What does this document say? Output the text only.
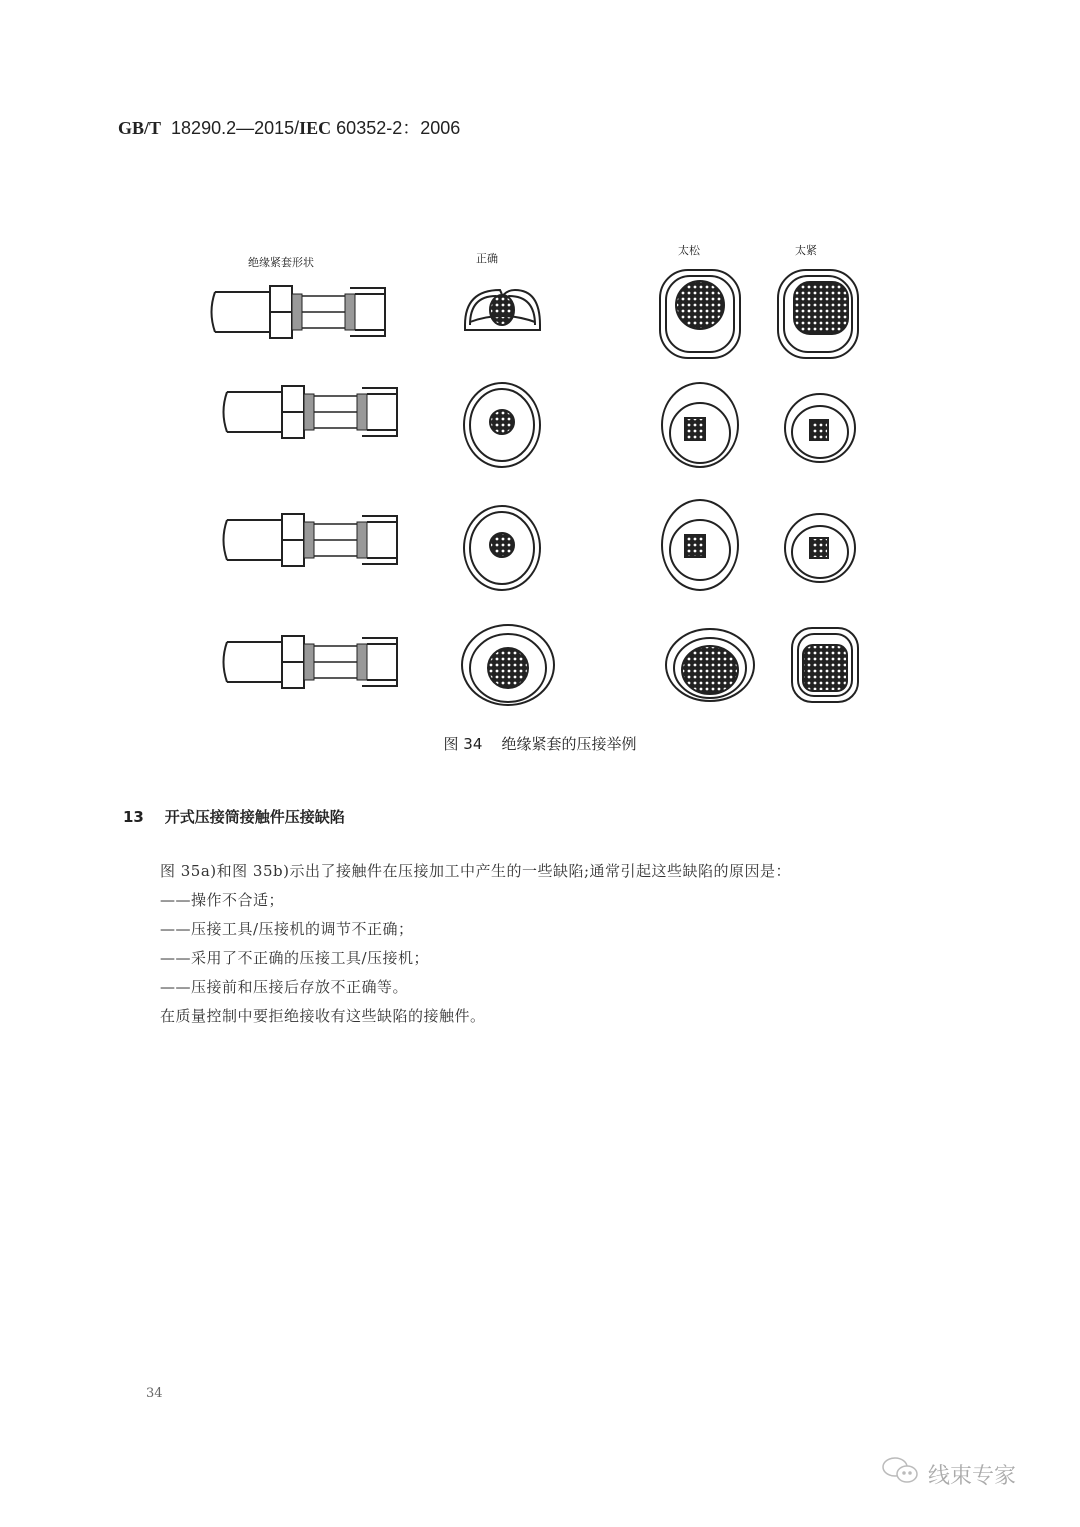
GB/T 18290.2—2015/IEC 60352-2：2006
绝缘紧套形状	正确
太松	太紧
图 34    绝缘紧套的压接举例
13    开式压接筒接触件压接缺陷
图 35a)和图 35b)示出了接触件在压接加工中产生的一些缺陷;通常引起这些缺陷的原因是：
——操作不合适；
——压接工具/压接机的调节不正确；
——采用了不正确的压接工具/压接机；
——压接前和压接后存放不正确等。
在质量控制中要拒绝接收有这些缺陷的接触件。
34
线束专家
